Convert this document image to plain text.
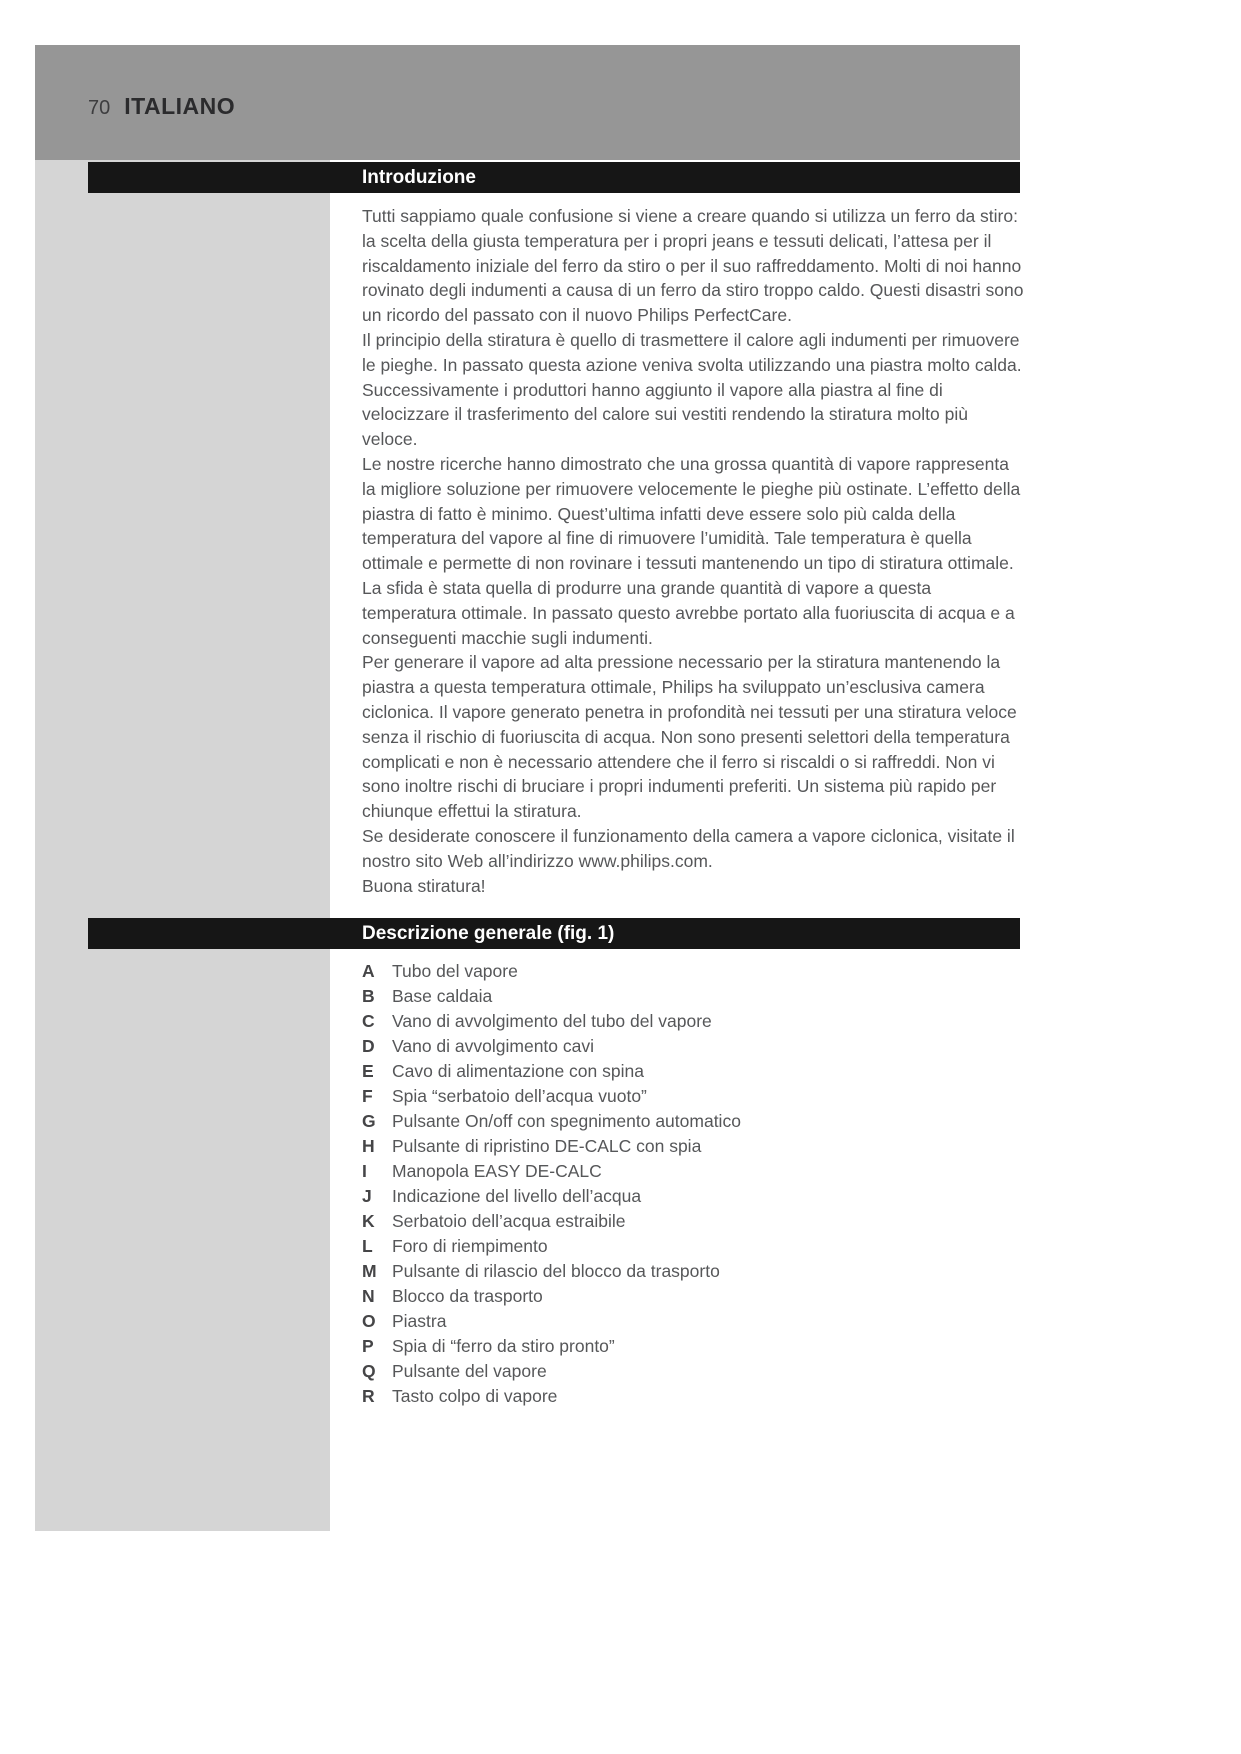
70 ITALIANO
Introduzione

Tutti sappiamo quale confusione si viene a creare quando si utilizza un ferro da stiro: la scelta della giusta temperatura per i propri jeans e tessuti delicati, l’attesa per il riscaldamento iniziale del ferro da stiro o per il suo raffreddamento. Molti di noi hanno rovinato degli indumenti a causa di un ferro da stiro troppo caldo. Questi disastri sono un ricordo del passato con il nuovo Philips PerfectCare.

Il principio della stiratura è quello di trasmettere il calore agli indumenti per rimuovere le pieghe. In passato questa azione veniva svolta utilizzando una piastra molto calda. Successivamente i produttori hanno aggiunto il vapore alla piastra al fine di velocizzare il trasferimento del calore sui vestiti rendendo la stiratura molto più veloce.

Le nostre ricerche hanno dimostrato che una grossa quantità di vapore rappresenta la migliore soluzione per rimuovere velocemente le pieghe più ostinate. L’effetto della piastra di fatto è minimo. Quest’ultima infatti deve essere solo più calda della temperatura del vapore al fine di rimuovere l’umidità. Tale temperatura è quella ottimale e permette di non rovinare i tessuti mantenendo un tipo di stiratura ottimale.

La sfida è stata quella di produrre una grande quantità di vapore a questa temperatura ottimale. In passato questo avrebbe portato alla fuoriuscita di acqua e a conseguenti macchie sugli indumenti.

Per generare il vapore ad alta pressione necessario per la stiratura mantenendo la piastra a questa temperatura ottimale, Philips ha sviluppato un’esclusiva camera ciclonica. Il vapore generato penetra in profondità nei tessuti per una stiratura veloce senza il rischio di fuoriuscita di acqua. Non sono presenti selettori della temperatura complicati e non è necessario attendere che il ferro si riscaldi o si raffreddi. Non vi sono inoltre rischi di bruciare i propri indumenti preferiti. Un sistema più rapido per chiunque effettui la stiratura.

Se desiderate conoscere il funzionamento della camera a vapore ciclonica, visitate il nostro sito Web all’indirizzo www.philips.com.

Buona stiratura!

Descrizione generale (fig. 1)
A Tubo del vapore
B Base caldaia
C Vano di avvolgimento del tubo del vapore
D Vano di avvolgimento cavi
E	Cavo di alimentazione con spina
F	Spia “serbatoio dell’acqua vuoto”
G Pulsante On/off con spegnimento automatico
H Pulsante di ripristino DE-CALC con spia
I	Manopola EASY DE-CALC
J	Indicazione del livello dell’acqua
K Serbatoio dell’acqua estraibile
L	Foro di riempimento
M Pulsante di rilascio del blocco da trasporto
N Blocco da trasporto
O Piastra
P	Spia di “ferro da stiro pronto”
Q Pulsante del vapore
R Tasto colpo di vapore
